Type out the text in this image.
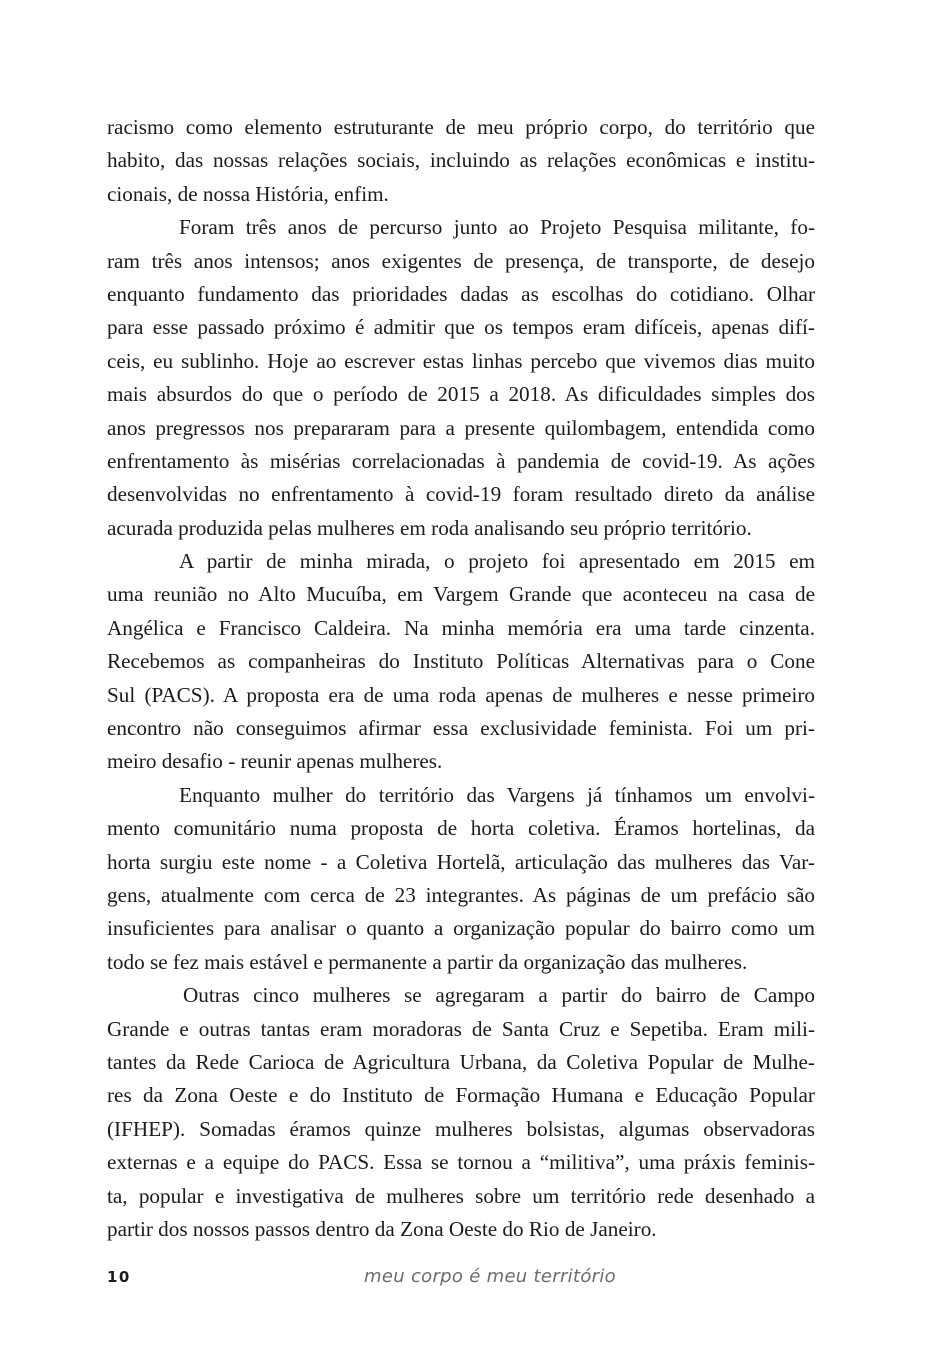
racismo como elemento estruturante de meu próprio corpo, do território que
habito, das nossas relações sociais, incluindo as relações econômicas e institu-
cionais, de nossa História, enfim.
Foram três anos de percurso junto ao Projeto Pesquisa militante, fo-
ram três anos intensos; anos exigentes de presença, de transporte, de desejo
enquanto fundamento das prioridades dadas as escolhas do cotidiano. Olhar
para esse passado próximo é admitir que os tempos eram difíceis, apenas difí-
ceis, eu sublinho. Hoje ao escrever estas linhas percebo que vivemos dias muito
mais absurdos do que o período de 2015 a 2018. As dificuldades simples dos
anos pregressos nos prepararam para a presente quilombagem, entendida como
enfrentamento às misérias correlacionadas à pandemia de covid-19. As ações
desenvolvidas no enfrentamento à covid-19 foram resultado direto da análise
acurada produzida pelas mulheres em roda analisando seu próprio território.
A partir de minha mirada, o projeto foi apresentado em 2015 em
uma reunião no Alto Mucuíba, em Vargem Grande que aconteceu na casa de
Angélica e Francisco Caldeira. Na minha memória era uma tarde cinzenta.
Recebemos as companheiras do Instituto Políticas Alternativas para o Cone
Sul (PACS). A proposta era de uma roda apenas de mulheres e nesse primeiro
encontro não conseguimos afirmar essa exclusividade feminista. Foi um pri-
meiro desafio - reunir apenas mulheres.
Enquanto mulher do território das Vargens já tínhamos um envolvi-
mento comunitário numa proposta de horta coletiva. Éramos hortelinas, da
horta surgiu este nome - a Coletiva Hortelã, articulação das mulheres das Var-
gens, atualmente com cerca de 23 integrantes. As páginas de um prefácio são
insuficientes para analisar o quanto a organização popular do bairro como um
todo se fez mais estável e permanente a partir da organização das mulheres.
Outras cinco mulheres se agregaram a partir do bairro de Campo
Grande e outras tantas eram moradoras de Santa Cruz e Sepetiba. Eram mili-
tantes da Rede Carioca de Agricultura Urbana, da Coletiva Popular de Mulhe-
res da Zona Oeste e do Instituto de Formação Humana e Educação Popular
(IFHEP). Somadas éramos quinze mulheres bolsistas, algumas observadoras
externas e a equipe do PACS. Essa se tornou a “militiva”, uma práxis feminis-
ta, popular e investigativa de mulheres sobre um território rede desenhado a
partir dos nossos passos dentro da Zona Oeste do Rio de Janeiro.
10	meu corpo é meu território
